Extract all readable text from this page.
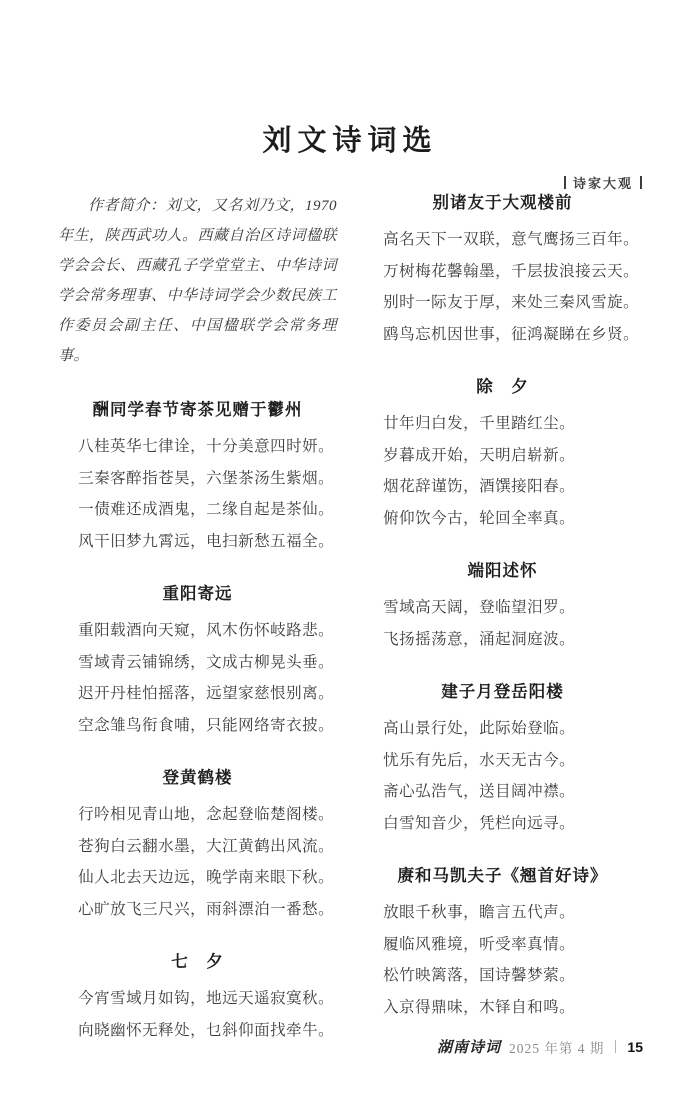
诗家大观
刘文诗词选

作者简介：刘文，又名刘乃文，1970 年生，陕西武功人。西藏自治区诗词楹联学会会长、西藏孔子学堂堂主、中华诗词学会常务理事、中华诗词学会少数民族工作委员会副主任、中国楹联学会常务理事。

酬同学春节寄茶见赠于鬱州

八桂英华七律诠，十分美意四时妍。

三秦客醉指苍昊，六堡茶汤生紫烟。

一债难还成酒鬼，二缘自起是茶仙。

风干旧梦九霄远，电扫新愁五福全。

重阳寄远

重阳载酒向天窥，风木伤怀岐路悲。

雪域青云铺锦绣，文成古柳晃头垂。

迟开丹桂怕摇落，远望家慈恨别离。

空念雏鸟衔食哺，只能网络寄衣披。

登黄鹤楼

行吟相见青山地，念起登临楚阁楼。

苍狗白云翻水墨，大江黄鹤出风流。

仙人北去天边远，晚学南来眼下秋。

心旷放飞三尺兴，雨斜漂泊一番愁。

七　夕

今宵雪域月如钩，地远天遥寂寞秋。

向晓幽怀无释处，乜斜仰面找牵牛。

别诸友于大观楼前

高名天下一双联，意气鹰扬三百年。

万树梅花馨翰墨，千层拔浪接云天。

别时一际友于厚，来处三秦风雪旋。

鸥鸟忘机因世事，征鸿凝睇在乡贤。

除　夕

廿年归白发，千里踏红尘。

岁暮成开始，天明启崭新。

烟花辞谨饬，酒馔接阳春。

俯仰饮今古，轮回全率真。

端阳述怀

雪域高天阔，登临望汨罗。

飞扬摇荡意，涌起洞庭波。

建子月登岳阳楼

高山景行处，此际始登临。

忧乐有先后，水天无古今。

斋心弘浩气，送目阔冲襟。

白雪知音少，凭栏向远寻。

赓和马凯夫子《翘首好诗》

放眼千秋事，瞻言五代声。

履临风雅境，听受率真情。

松竹映篱落，国诗馨梦萦。

入京得鼎味，木铎自和鸣。

湖南诗词 2025 年第 4 期 15
